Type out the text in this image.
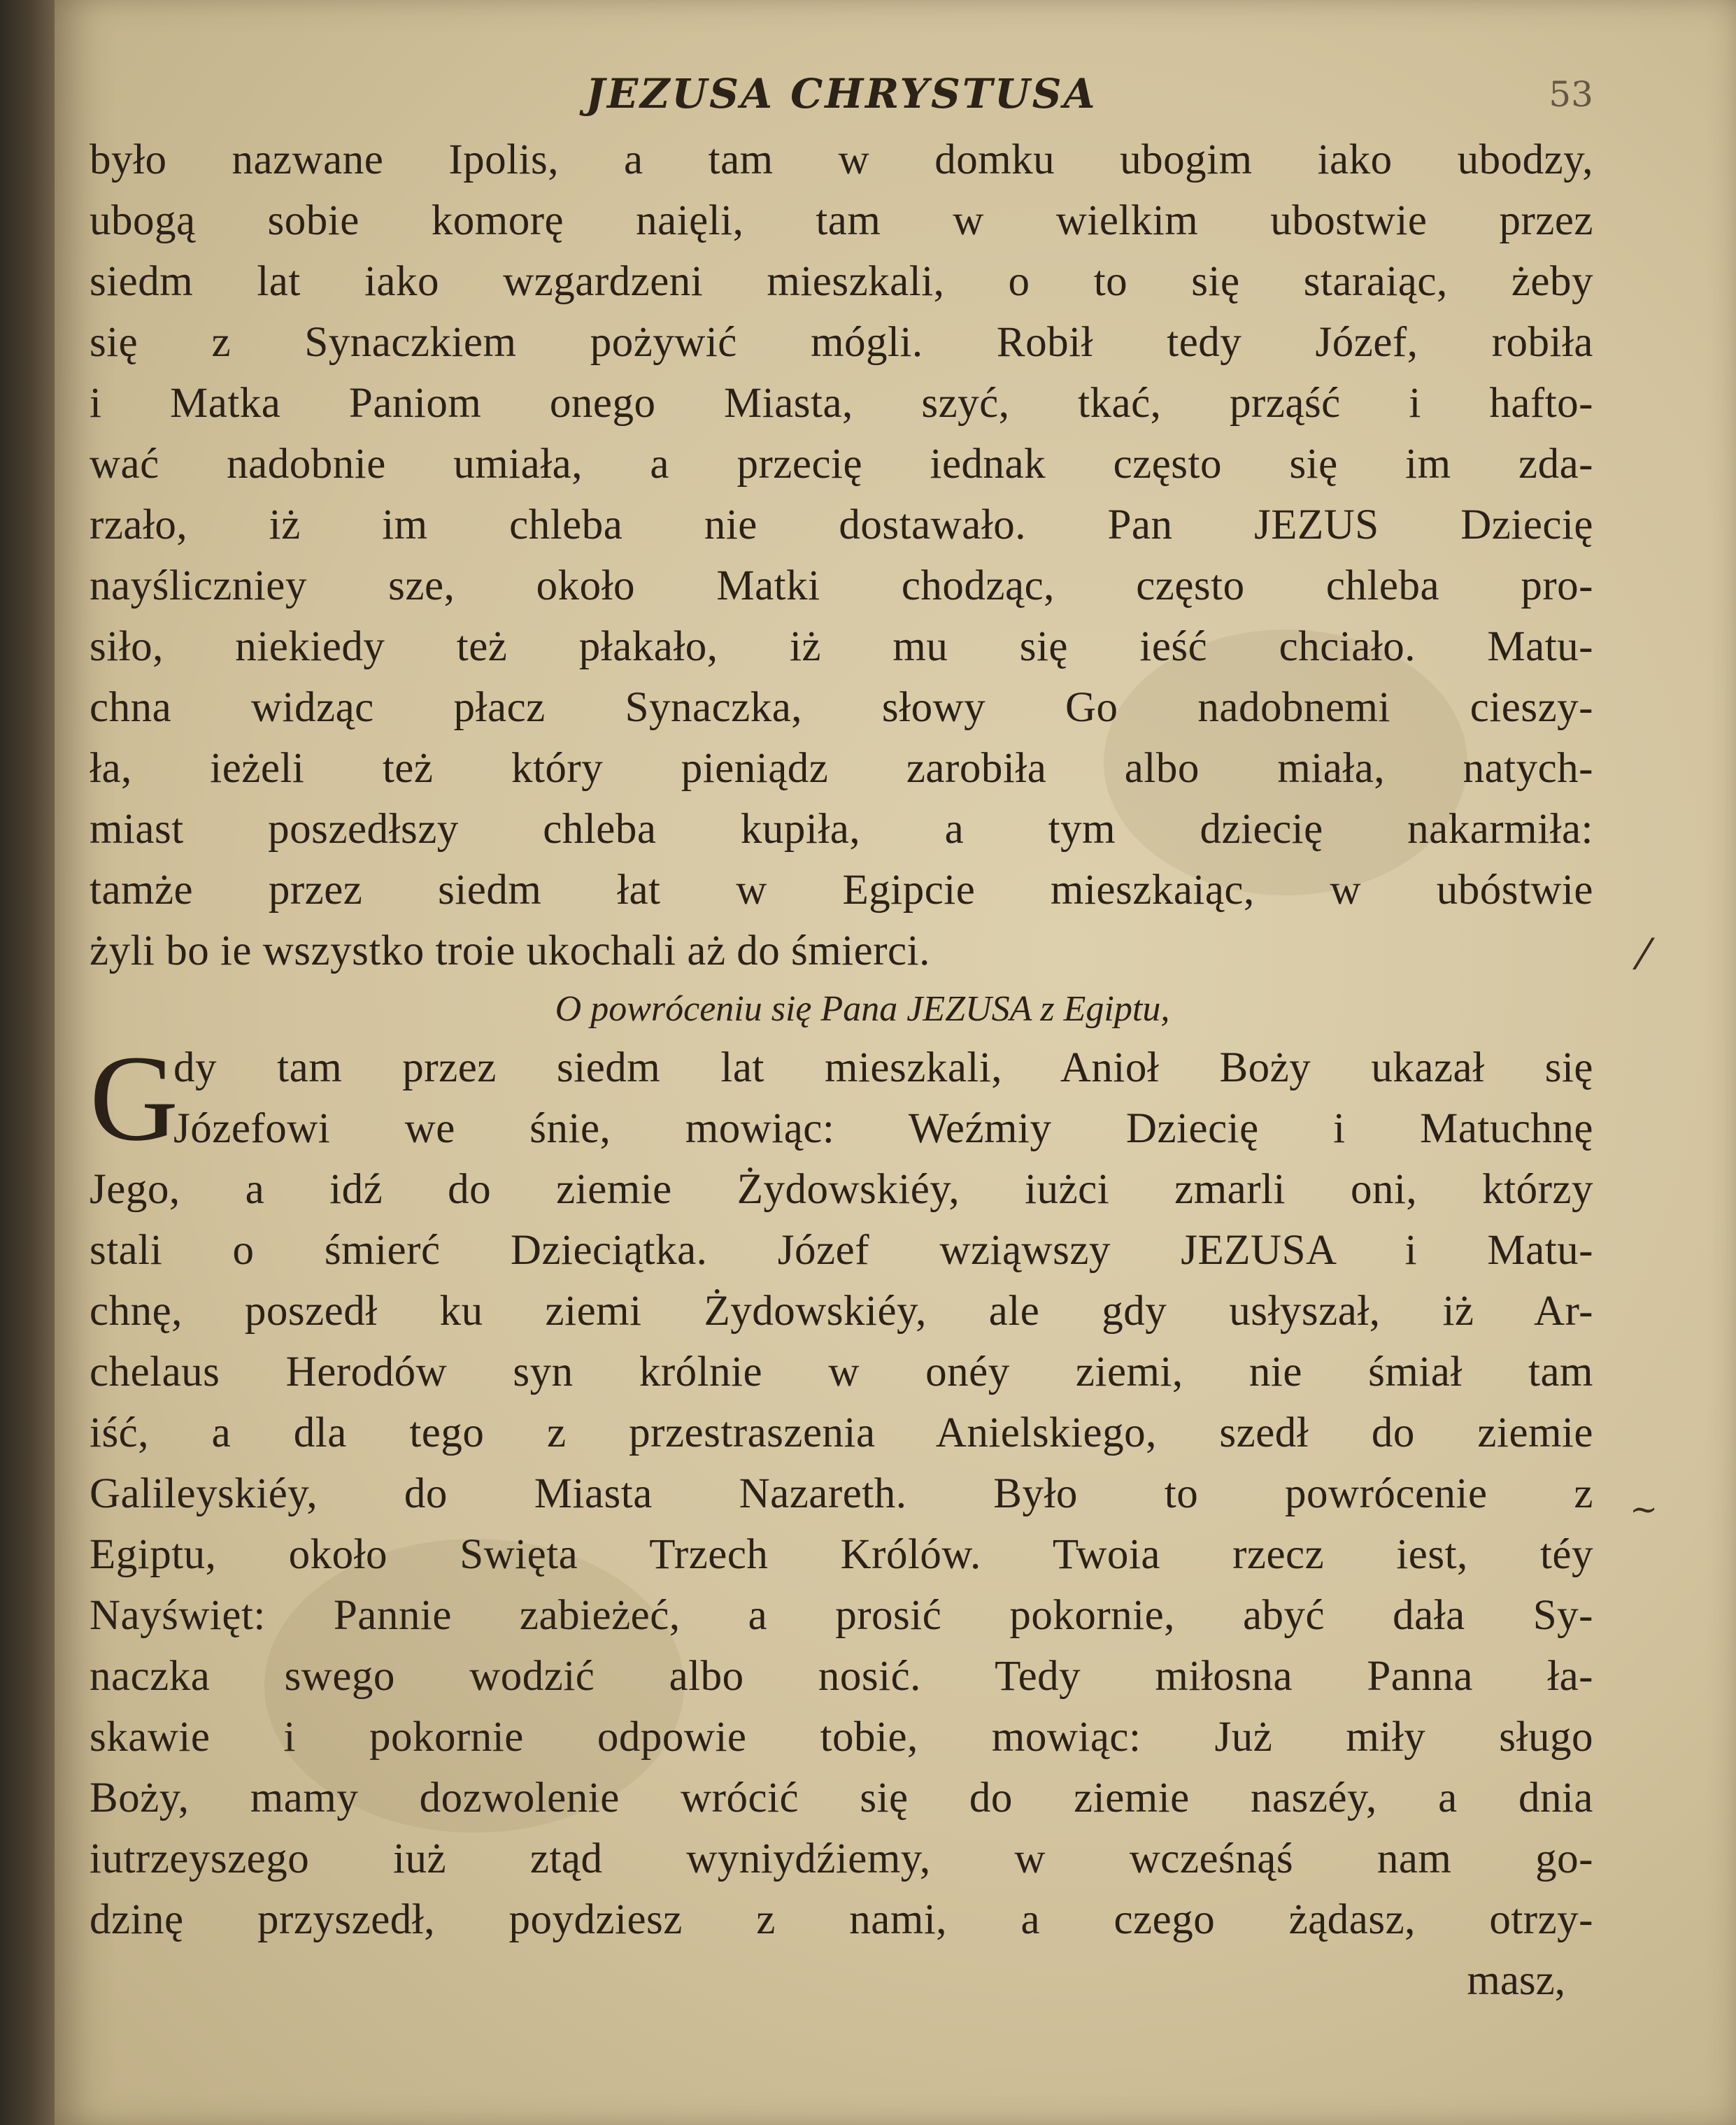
JEZUSA CHRYSTUSA	53
było nazwane Ipolis, a tam w domku ubogim iako ubodzy,
ubogą sobie komorę naięli, tam w wielkim ubostwie przez
siedm lat iako wzgardzeni mieszkali, o to się staraiąc, żeby
się z Synaczkiem pożywić mógli. Robił tedy Józef, robiła
i Matka Paniom onego Miasta, szyć, tkać, prząść i hafto-
wać nadobnie umiała, a przecię iednak często się im zda-
rzało, iż im chleba nie dostawało. Pan JEZUS Dziecię
nayśliczniey sze, około Matki chodząc, często chleba pro-
siło, niekiedy też płakało, iż mu się ieść chciało. Matu-
chna widząc płacz Synaczka, słowy Go nadobnemi cieszy-
ła, ieżeli też który pieniądz zarobiła albo miała, natych-
miast poszedłszy chleba kupiła, a tym dziecię nakarmiła:
tamże przez siedm łat w Egipcie mieszkaiąc, w ubóstwie
żyli bo ie wszystko troie ukochali aż do śmierci.
O powróceniu się Pana JEZUSA z Egiptu,
G
dy tam przez siedm lat mieszkali, Anioł Boży ukazał się
Józefowi we śnie, mowiąc: Weźmiy Dziecię i Matuchnę
Jego, a idź do ziemie Żydowskiéy, iużci zmarli oni, którzy
stali o śmierć Dzieciątka. Józef wziąwszy JEZUSA i Matu-
chnę, poszedł ku ziemi Żydowskiéy, ale gdy usłyszał, iż Ar-
chelaus Herodów syn królnie w onéy ziemi, nie śmiał tam
iść, a dla tego z przestraszenia Anielskiego, szedł do ziemie
Galileyskiéy, do Miasta Nazareth. Było to powrócenie z
Egiptu, około Swięta Trzech Królów. Twoia rzecz iest, téy
Nayświęt: Pannie zabieżeć, a prosić pokornie, abyć dała Sy-
naczka swego wodzić albo nosić. Tedy miłosna Panna ła-
skawie i pokornie odpowie tobie, mowiąc: Już miły sługo
Boży, mamy dozwolenie wrócić się do ziemie naszéy, a dnia
iutrzeyszego iuż ztąd wyniydźiemy, w wcześnąś nam go-
dzinę przyszedł, poydziesz z nami, a czego żądasz, otrzy-
masz,
⁄
~
